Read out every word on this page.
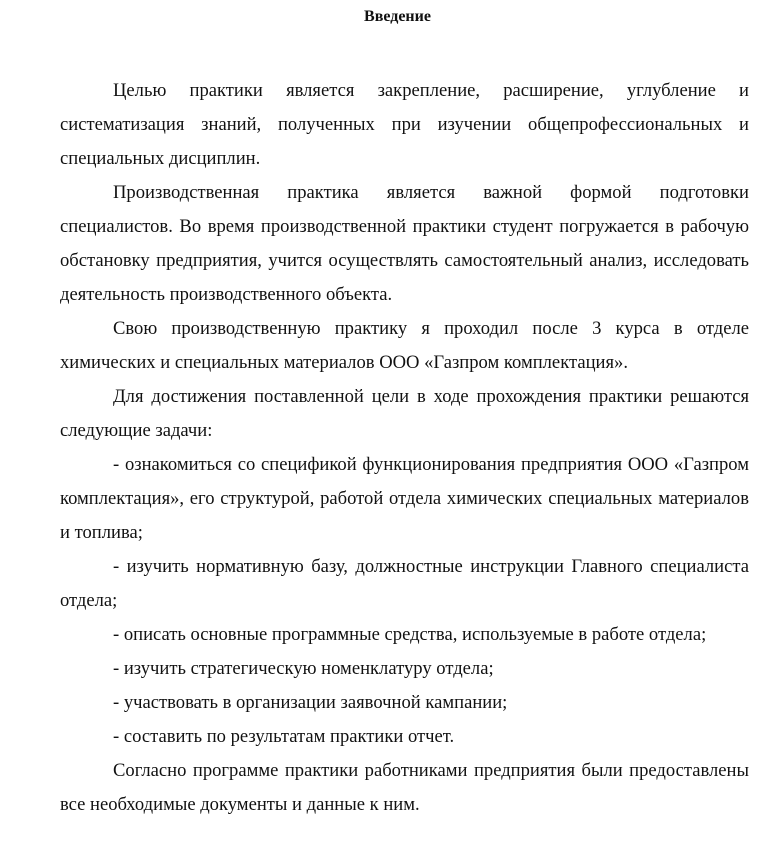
Введение

Целью практики является закрепление, расширение, углубление и систематизация знаний, полученных при изучении общепрофессиональных и специальных дисциплин.

Производственная практика является важной формой подготовки специалистов. Во время производственной практики студент погружается в рабочую обстановку предприятия, учится осуществлять самостоятельный анализ, исследовать деятельность производственного объекта.

Свою производственную практику я проходил после 3 курса в отделе химических и специальных материалов ООО «Газпром комплектация».

Для достижения поставленной цели в ходе прохождения практики решаются следующие задачи:

- ознакомиться со спецификой функционирования предприятия ООО «Газпром комплектация», его структурой, работой отдела химических специальных материалов и топлива;

- изучить нормативную базу, должностные инструкции Главного специалиста отдела;

- описать основные программные средства, используемые в работе отдела;

- изучить стратегическую номенклатуру отдела;

- участвовать в организации заявочной кампании;

- составить по результатам практики отчет.

Согласно программе практики работниками предприятия были предоставлены все необходимые документы и данные к ним.
